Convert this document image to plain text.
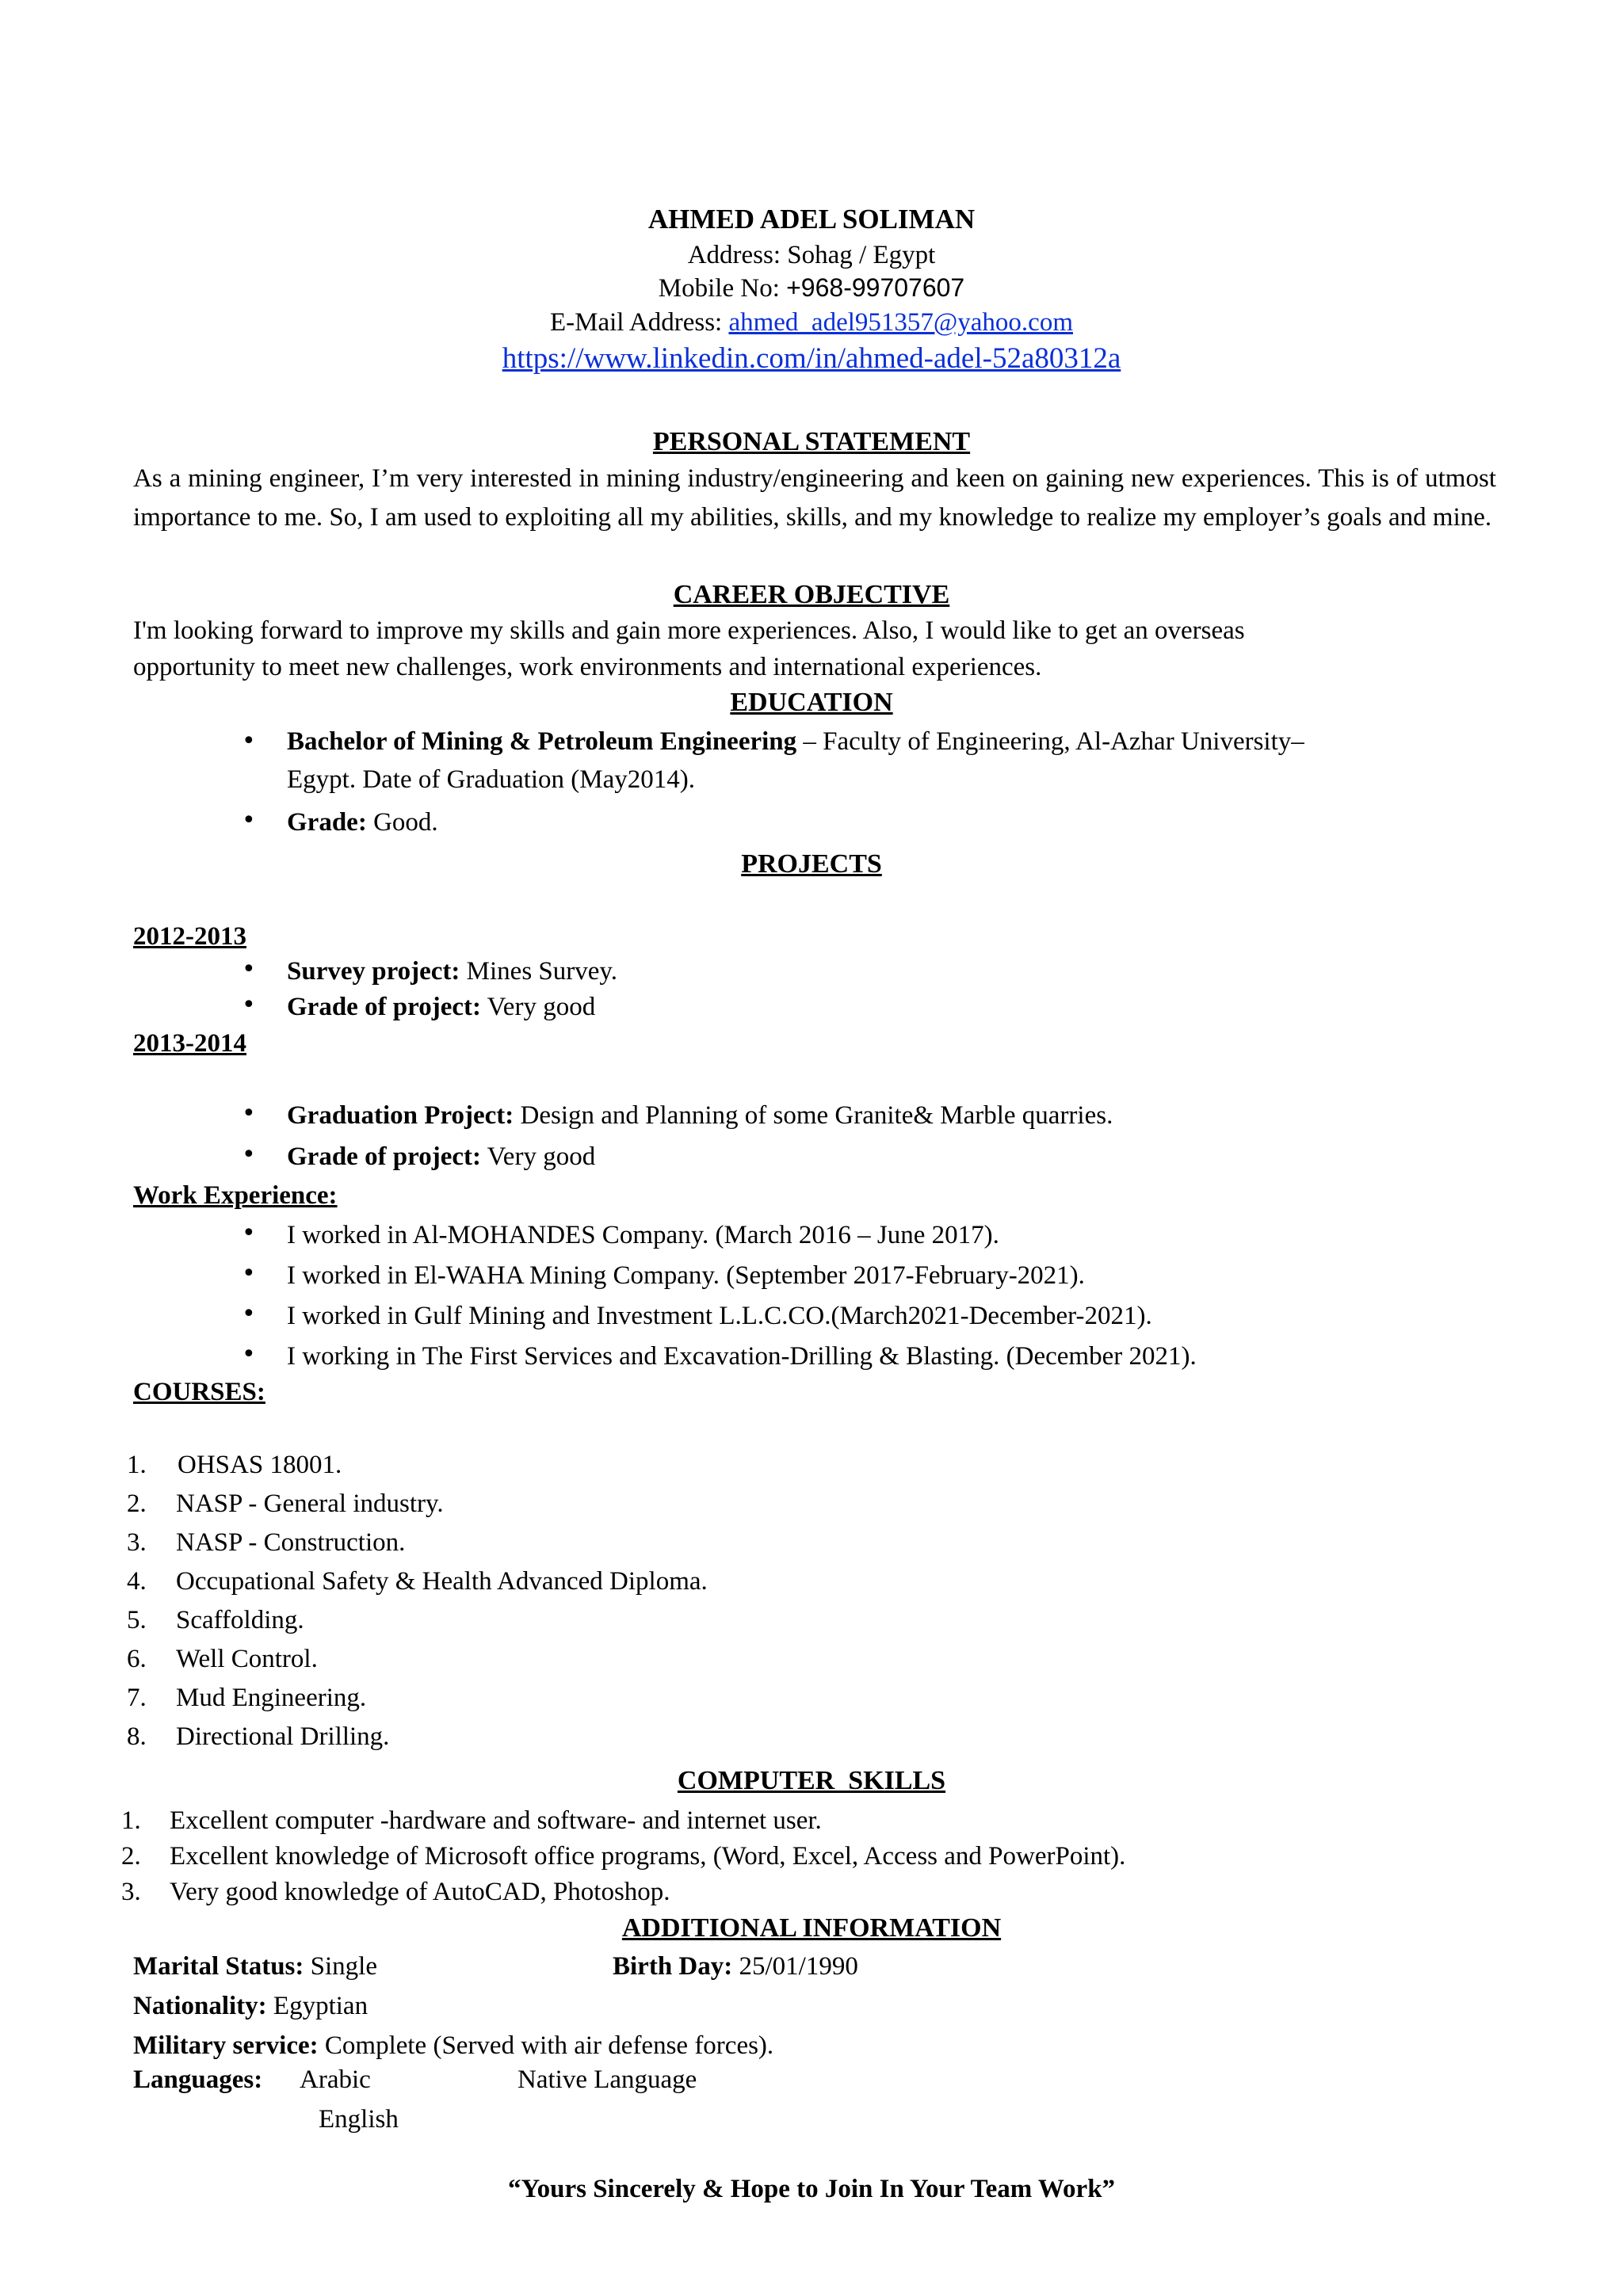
AHMED ADEL SOLIMAN
Address: Sohag / Egypt
Mobile No: +968-99707607
E-Mail Address: ahmed_adel951357@yahoo.com
https://www.linkedin.com/in/ahmed-adel-52a80312a
PERSONAL STATEMENT
As a mining engineer, I’m very interested in mining industry/engineering and keen on gaining new experiences. This is of utmost importance to me. So, I am used to exploiting all my abilities, skills, and my knowledge to realize my employer’s goals and mine.
CAREER OBJECTIVE
I'm looking forward to improve my skills and gain more experiences. Also, I would like to get an overseas
opportunity to meet new challenges, work environments and international experiences.
EDUCATION
• Bachelor of Mining & Petroleum Engineering – Faculty of Engineering, Al-Azhar University–
Egypt. Date of Graduation (May2014).
• Grade: Good.
PROJECTS
2012-2013
• Survey project: Mines Survey.
• Grade of project: Very good
2013-2014
• Graduation Project: Design and Planning of some Granite& Marble quarries.
• Grade of project: Very good
Work Experience:
• I worked in Al-MOHANDES Company. (March 2016 – June 2017).
• I worked in El-WAHA Mining Company. (September 2017-February-2021).
• I worked in Gulf Mining and Investment L.L.C.CO.(March2021-December-2021).
• I working in The First Services and Excavation-Drilling & Blasting. (December 2021).
COURSES:
1. OHSAS 18001.
2. NASP - General industry.
3. NASP - Construction.
4. Occupational Safety & Health Advanced Diploma.
5. Scaffolding.
6. Well Control.
7. Mud Engineering.
8. Directional Drilling.
COMPUTER  SKILLS
1. Excellent computer -hardware and software- and internet user.
2. Excellent knowledge of Microsoft office programs, (Word, Excel, Access and PowerPoint).
3. Very good knowledge of AutoCAD, Photoshop.
ADDITIONAL INFORMATION
Marital Status: Single	Birth Day: 25/01/1990
Nationality: Egyptian
Military service: Complete (Served with air defense forces).
Languages: Arabic	Native Language
English
“Yours Sincerely & Hope to Join In Your Team Work”
